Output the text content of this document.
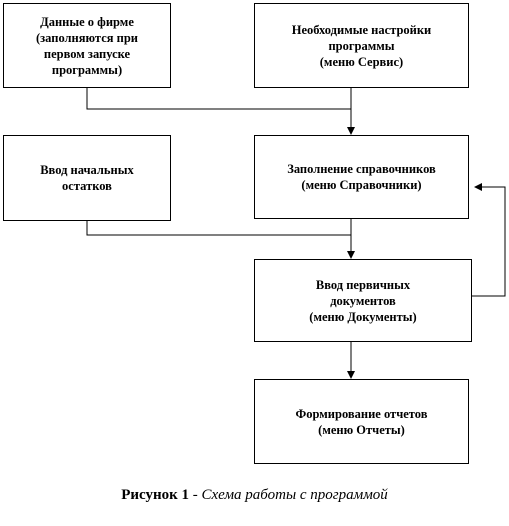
Данные о фирме
(заполняются при
первом запуске
программы)
Необходимые настройки
программы
(меню Сервис)
Ввод начальных
остатков
Заполнение справочников
(меню Справочники)
Ввод первичных
документов
(меню Документы)
Формирование отчетов
(меню Отчеты)
Рисунок 1 - Схема работы с программой
